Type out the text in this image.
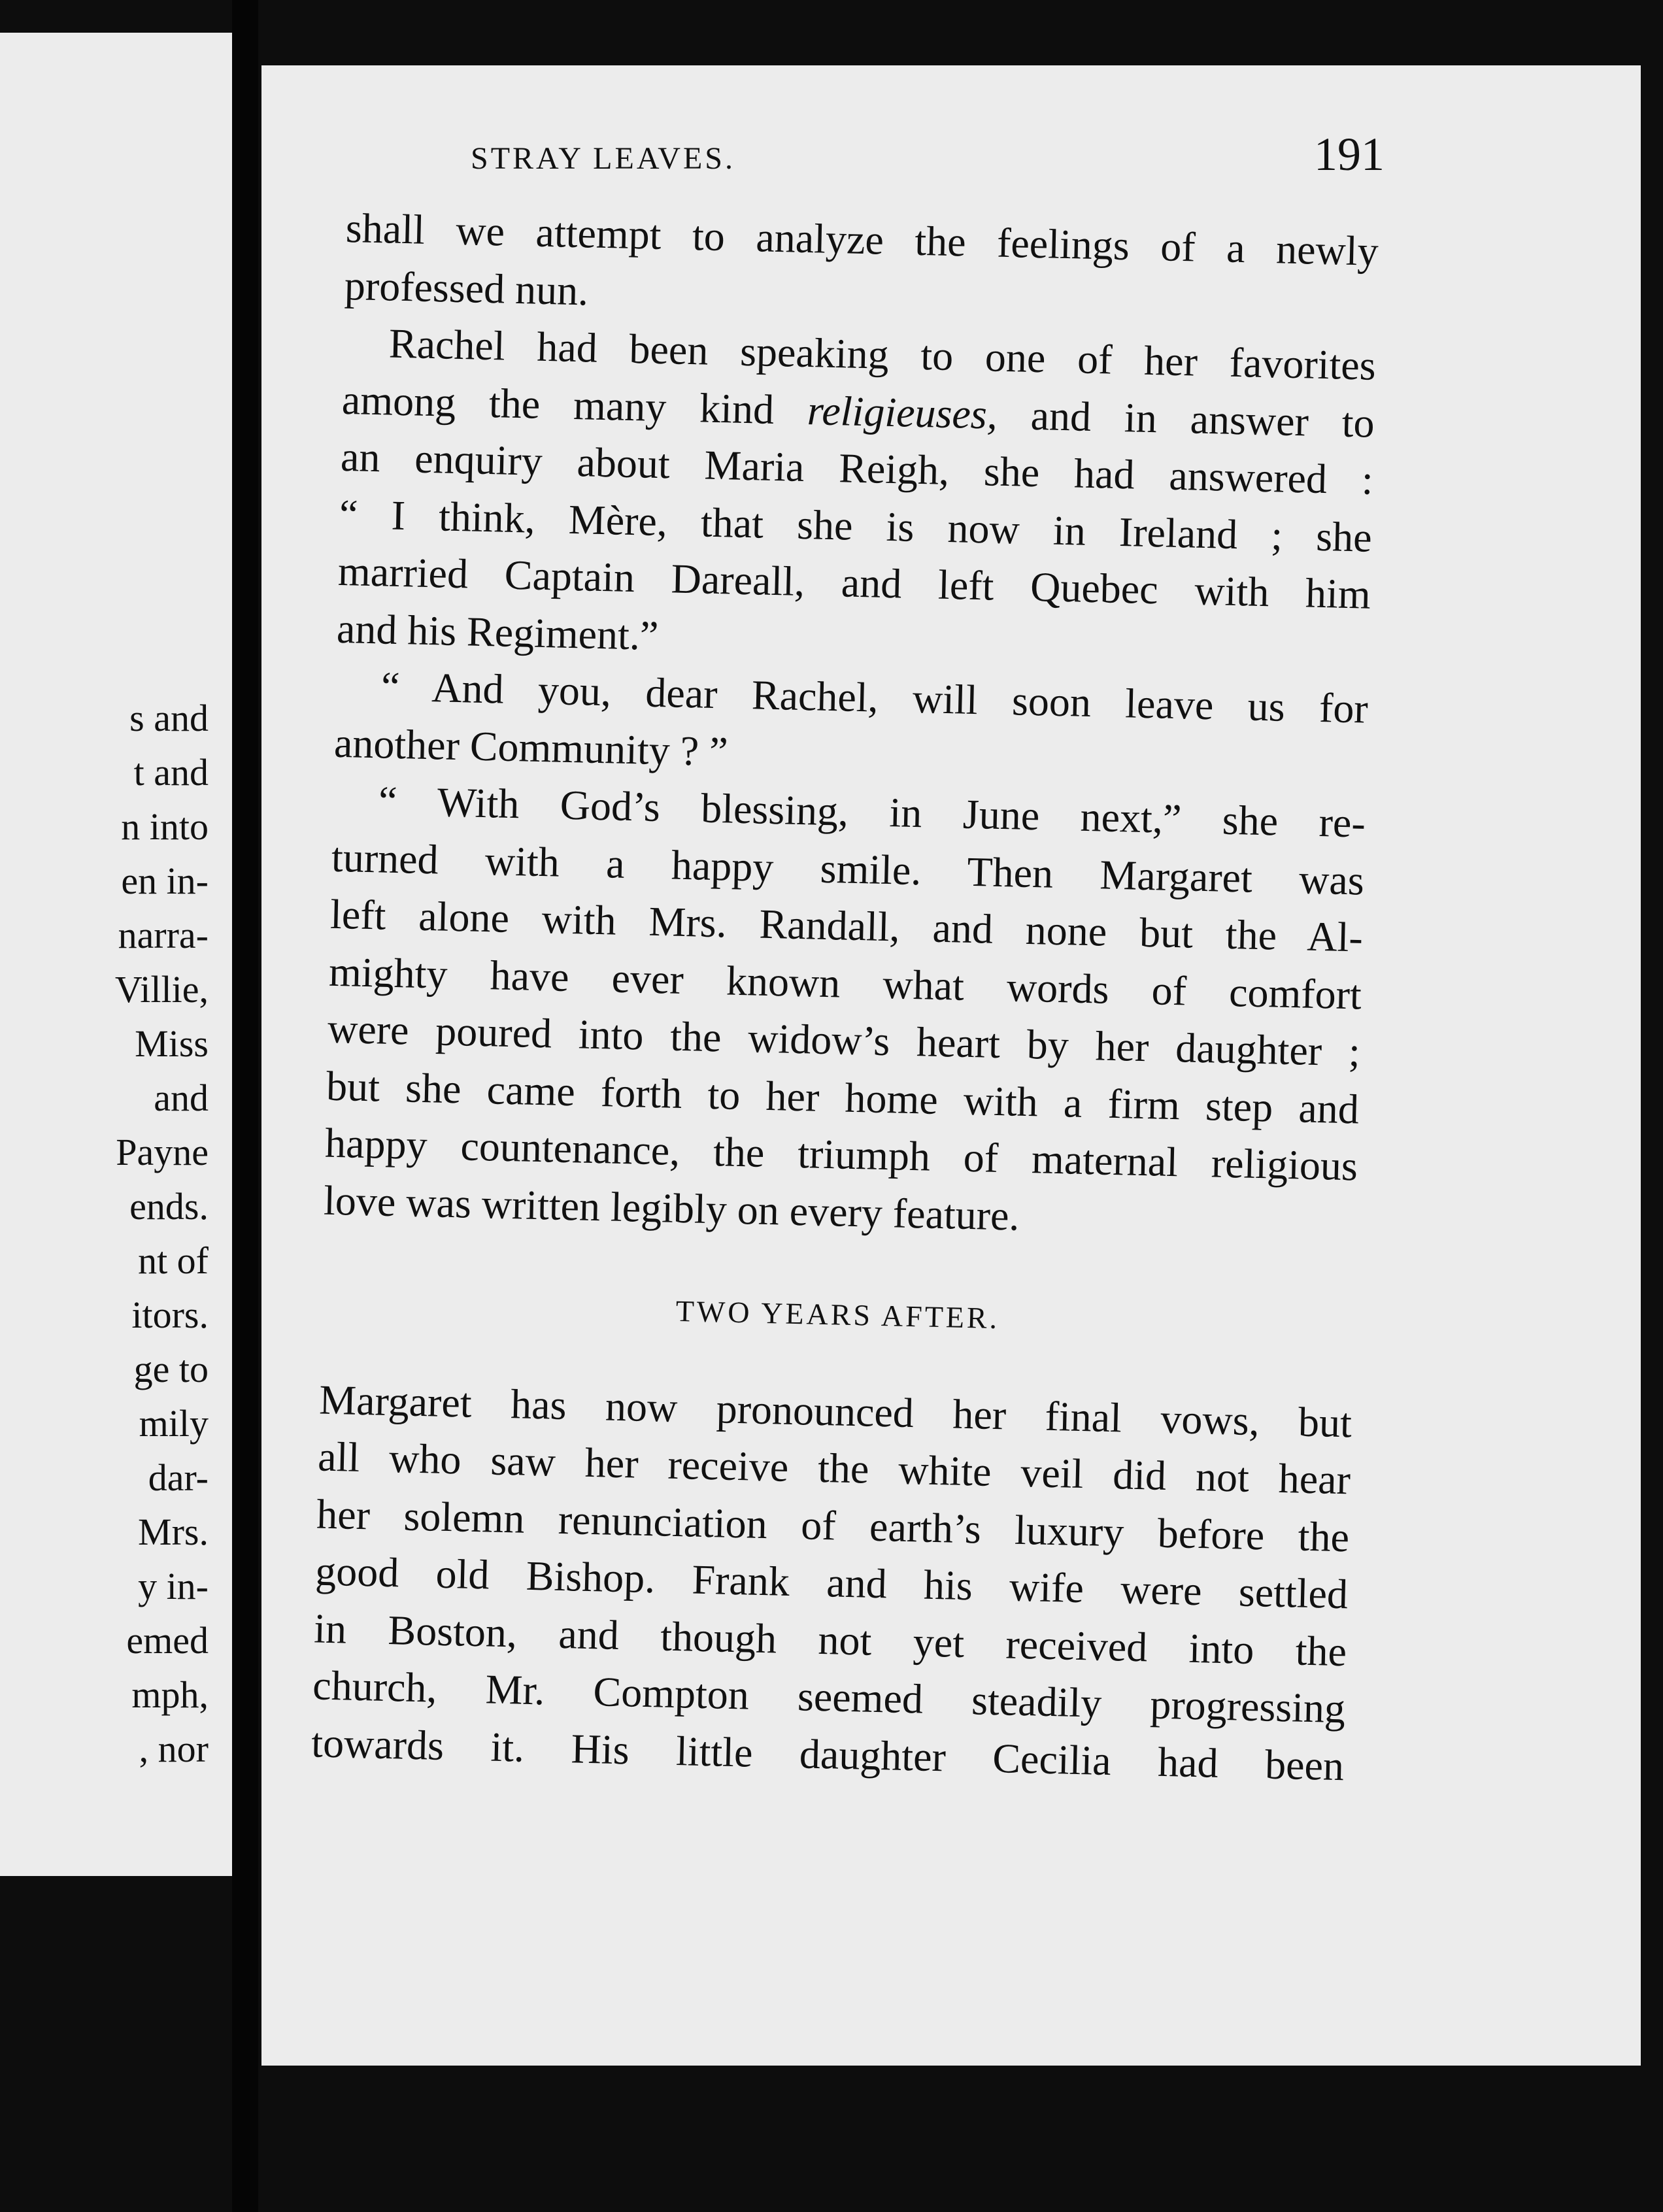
s and
t and
n into
en in-
narra-
Villie,
Miss
and
Payne
ends.
nt of
itors.
ge to
mily
dar-
Mrs.
y in-
emed
mph,
, nor
STRAY LEAVES.	191

shall we attempt to analyze the feelings of a newly

professed nun.

Rachel had been speaking to one of her favorites

among the many kind religieuses, and in answer to

an enquiry about Maria Reigh, she had answered :

“ I think, Mère, that she is now in Ireland ; she

married Captain Dareall, and left Quebec with him

and his Regiment.”

“ And you, dear Rachel, will soon leave us for

another Community ? ”

“ With God’s blessing, in June next,” she re-

turned with a happy smile. Then Margaret was

left alone with Mrs. Randall, and none but the Al-

mighty have ever known what words of comfort

were poured into the widow’s heart by her daughter ;

but she came forth to her home with a firm step and

happy countenance, the triumph of maternal religious

love was written legibly on every feature.

TWO YEARS AFTER.

Margaret has now pronounced her final vows, but

all who saw her receive the white veil did not hear

her solemn renunciation of earth’s luxury before the

good old Bishop. Frank and his wife were settled

in Boston, and though not yet received into the

church, Mr. Compton seemed steadily progressing

towards it. His little daughter Cecilia had been
